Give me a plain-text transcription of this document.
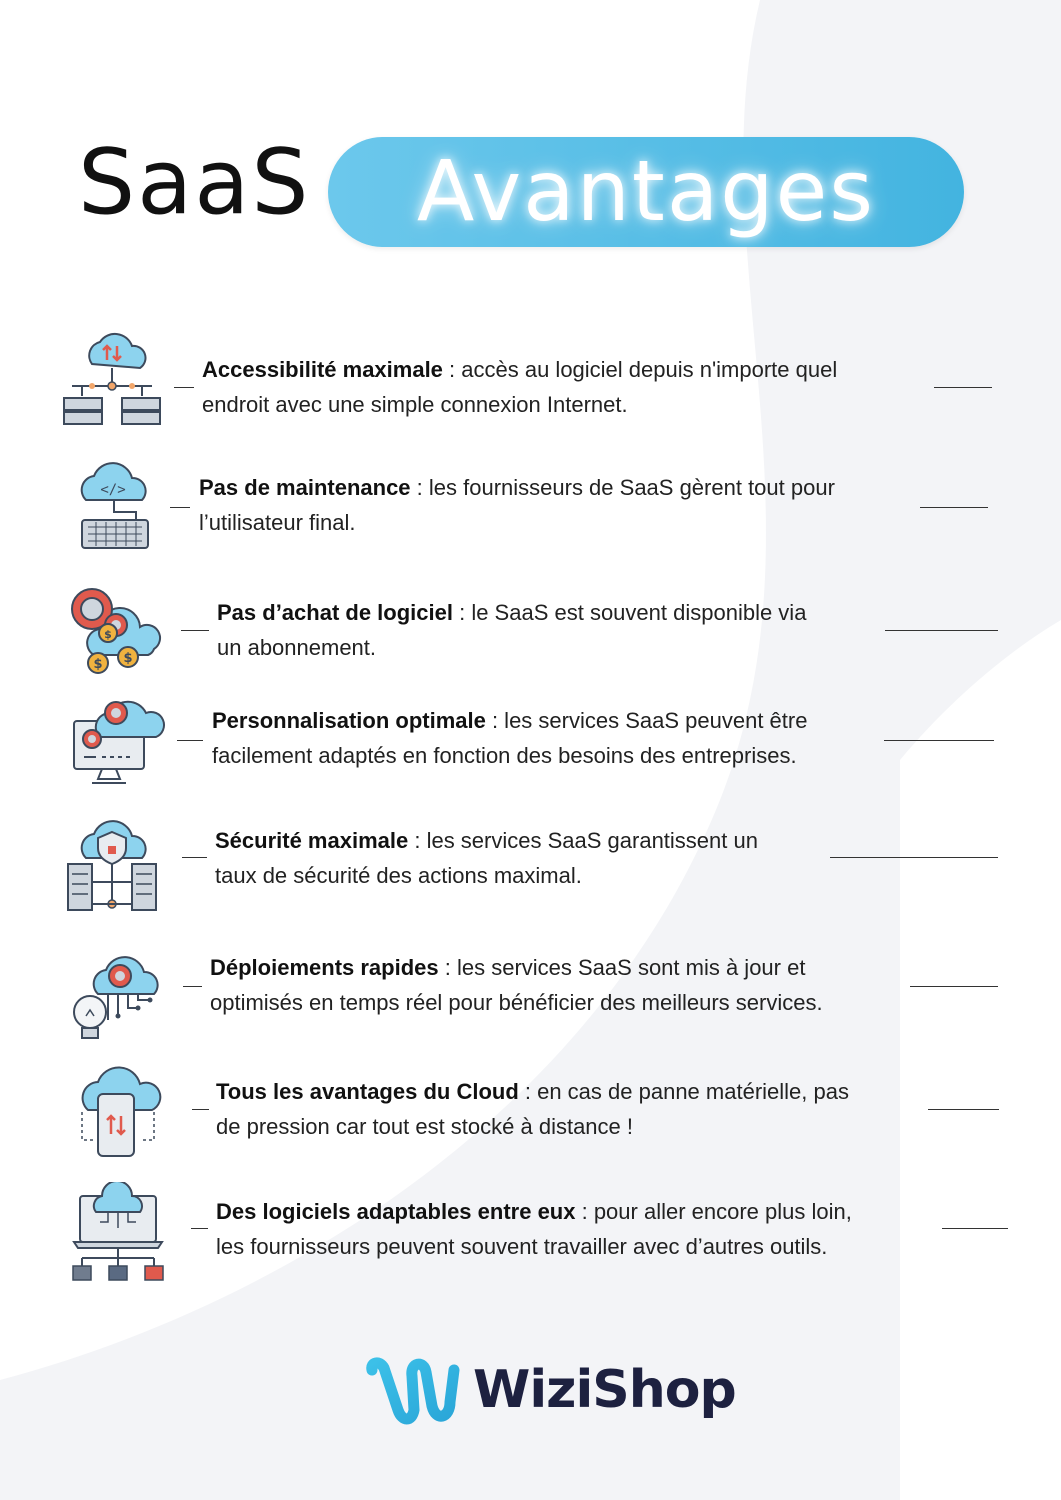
SaaS	Avantages
Accessibilité maximale : accès au logiciel depuis n'importe quel
endroit avec une simple connexion Internet.
</>	Pas de maintenance : les fournisseurs de SaaS gèrent tout pour
l’utilisateur final.
$ $
$
Pas d’achat de logiciel : le SaaS est souvent disponible via
un abonnement.
Personnalisation optimale : les services SaaS peuvent être
facilement adaptés en fonction des besoins des entreprises.
Sécurité maximale : les services SaaS garantissent un
taux de sécurité des actions maximal.
Déploiements rapides : les services SaaS sont mis à jour et
optimisés en temps réel pour bénéficier des meilleurs services.
Tous les avantages du Cloud : en cas de panne matérielle, pas
de pression car tout est stocké à distance !
Des logiciels adaptables entre eux : pour aller encore plus loin,
les fournisseurs peuvent souvent travailler avec d’autres outils.
WiziShop
